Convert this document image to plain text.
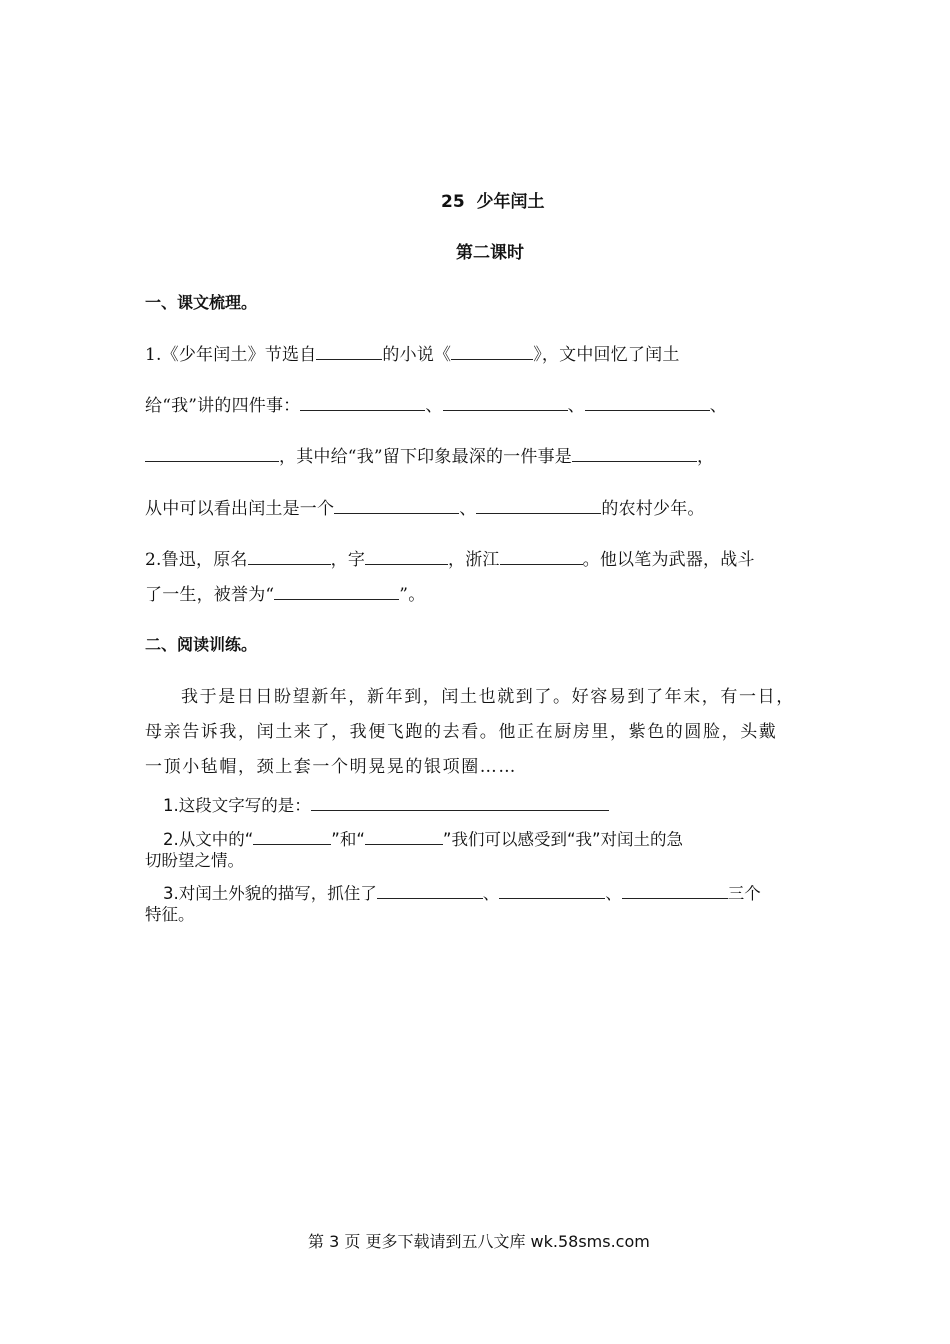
25  少年闰土
第二课时
一、课文梳理。
1.《少年闰土》节选自	的小说《	》，文中回忆了闰土
给“我”讲的四件事：	、	、	、
，其中给“我”留下印象最深的一件事是	，
从中可以看出闰土是一个	、	的农村少年。
2.鲁迅，原名	，字	，浙江	。他以笔为武器，战斗
了一生，被誉为“	”。
二、阅读训练。
我于是日日盼望新年，新年到，闰土也就到了。好容易到了年末，有一日，
母亲告诉我，闰土来了，我便飞跑的去看。他正在厨房里，紫色的圆脸，头戴
一顶小毡帽，颈上套一个明晃晃的银项圈……
1.这段文字写的是：
2.从文中的“	”和“	”我们可以感受到“我”对闰土的急
切盼望之情。
3.对闰土外貌的描写，抓住了	、	、	三个
特征。
第 3 页 更多下载请到五八文库 wk.58sms.com
